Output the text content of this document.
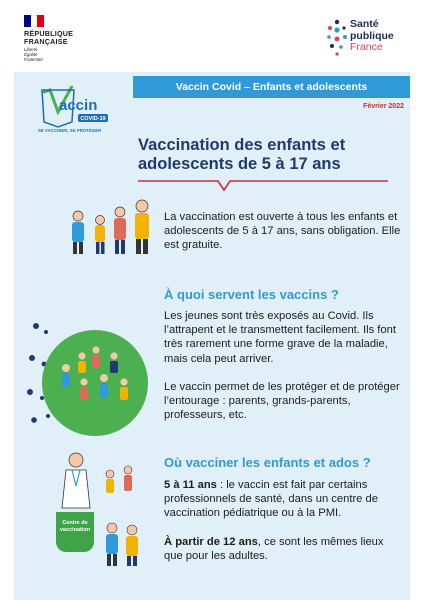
RÉPUBLIQUE
FRANÇAISE
Liberté
Égalité
Fraternité
Santé
publique
France
Vaccin Covid – Enfants et adolescents
Février 2022
accin
COVID-19
SE VACCINER, SE PROTÉGER
Vaccination des enfants et adolescents de 5 à 17 ans
La vaccination est ouverte à tous les enfants et adolescents de 5 à 17 ans, sans obligation. Elle est gratuite.
À quoi servent les vaccins ?
Les jeunes sont très exposés au Covid. Ils l’attrapent et le transmettent facilement. Ils font très rarement une forme grave de la maladie, mais cela peut arriver.
Le vaccin permet de les protéger et de protéger l’entourage : parents, grands-parents, professeurs, etc.
Où vacciner les enfants et ados ?
5 à 11 ans : le vaccin est fait par certains professionnels de santé, dans un centre de vaccination pédiatrique ou à la PMI.
À partir de 12 ans, ce sont les mêmes lieux que pour les adultes.
Centre de
vaccination
